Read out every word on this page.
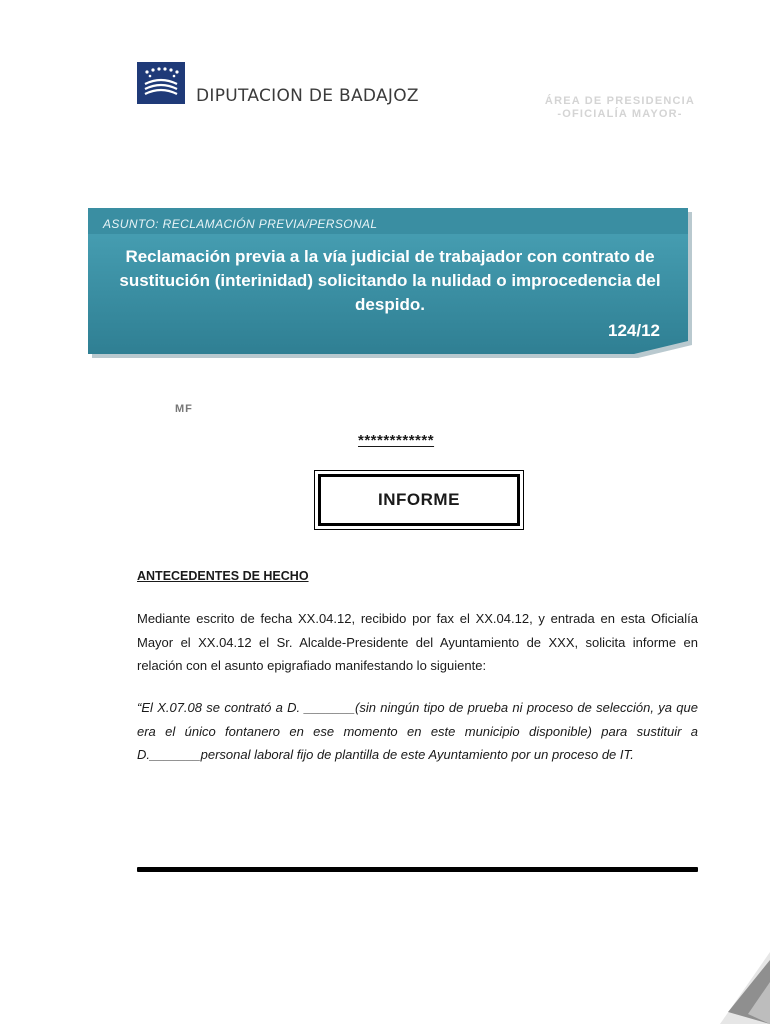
DIPUTACION DE BADAJOZ	ÁREA DE PRESIDENCIA
-OFICIALÍA MAYOR-
ASUNTO: RECLAMACIÓN PREVIA/PERSONAL
Reclamación previa a la vía judicial de trabajador con contrato de sustitución (interinidad) solicitando la nulidad o improcedencia del despido.
124/12
MF
************
INFORME
ANTECEDENTES DE HECHO
Mediante escrito de fecha XX.04.12, recibido por fax el XX.04.12, y entrada en esta Oficialía Mayor el XX.04.12 el Sr. Alcalde-Presidente del Ayuntamiento de XXX, solicita informe en relación con el asunto epigrafiado manifestando lo siguiente:
“El X.07.08 se contrató a D. _______(sin ningún tipo de prueba ni proceso de selección, ya que era el único fontanero en ese momento en este municipio disponible) para sustituir a D._______personal laboral fijo de plantilla de este Ayuntamiento por un proceso de IT.
